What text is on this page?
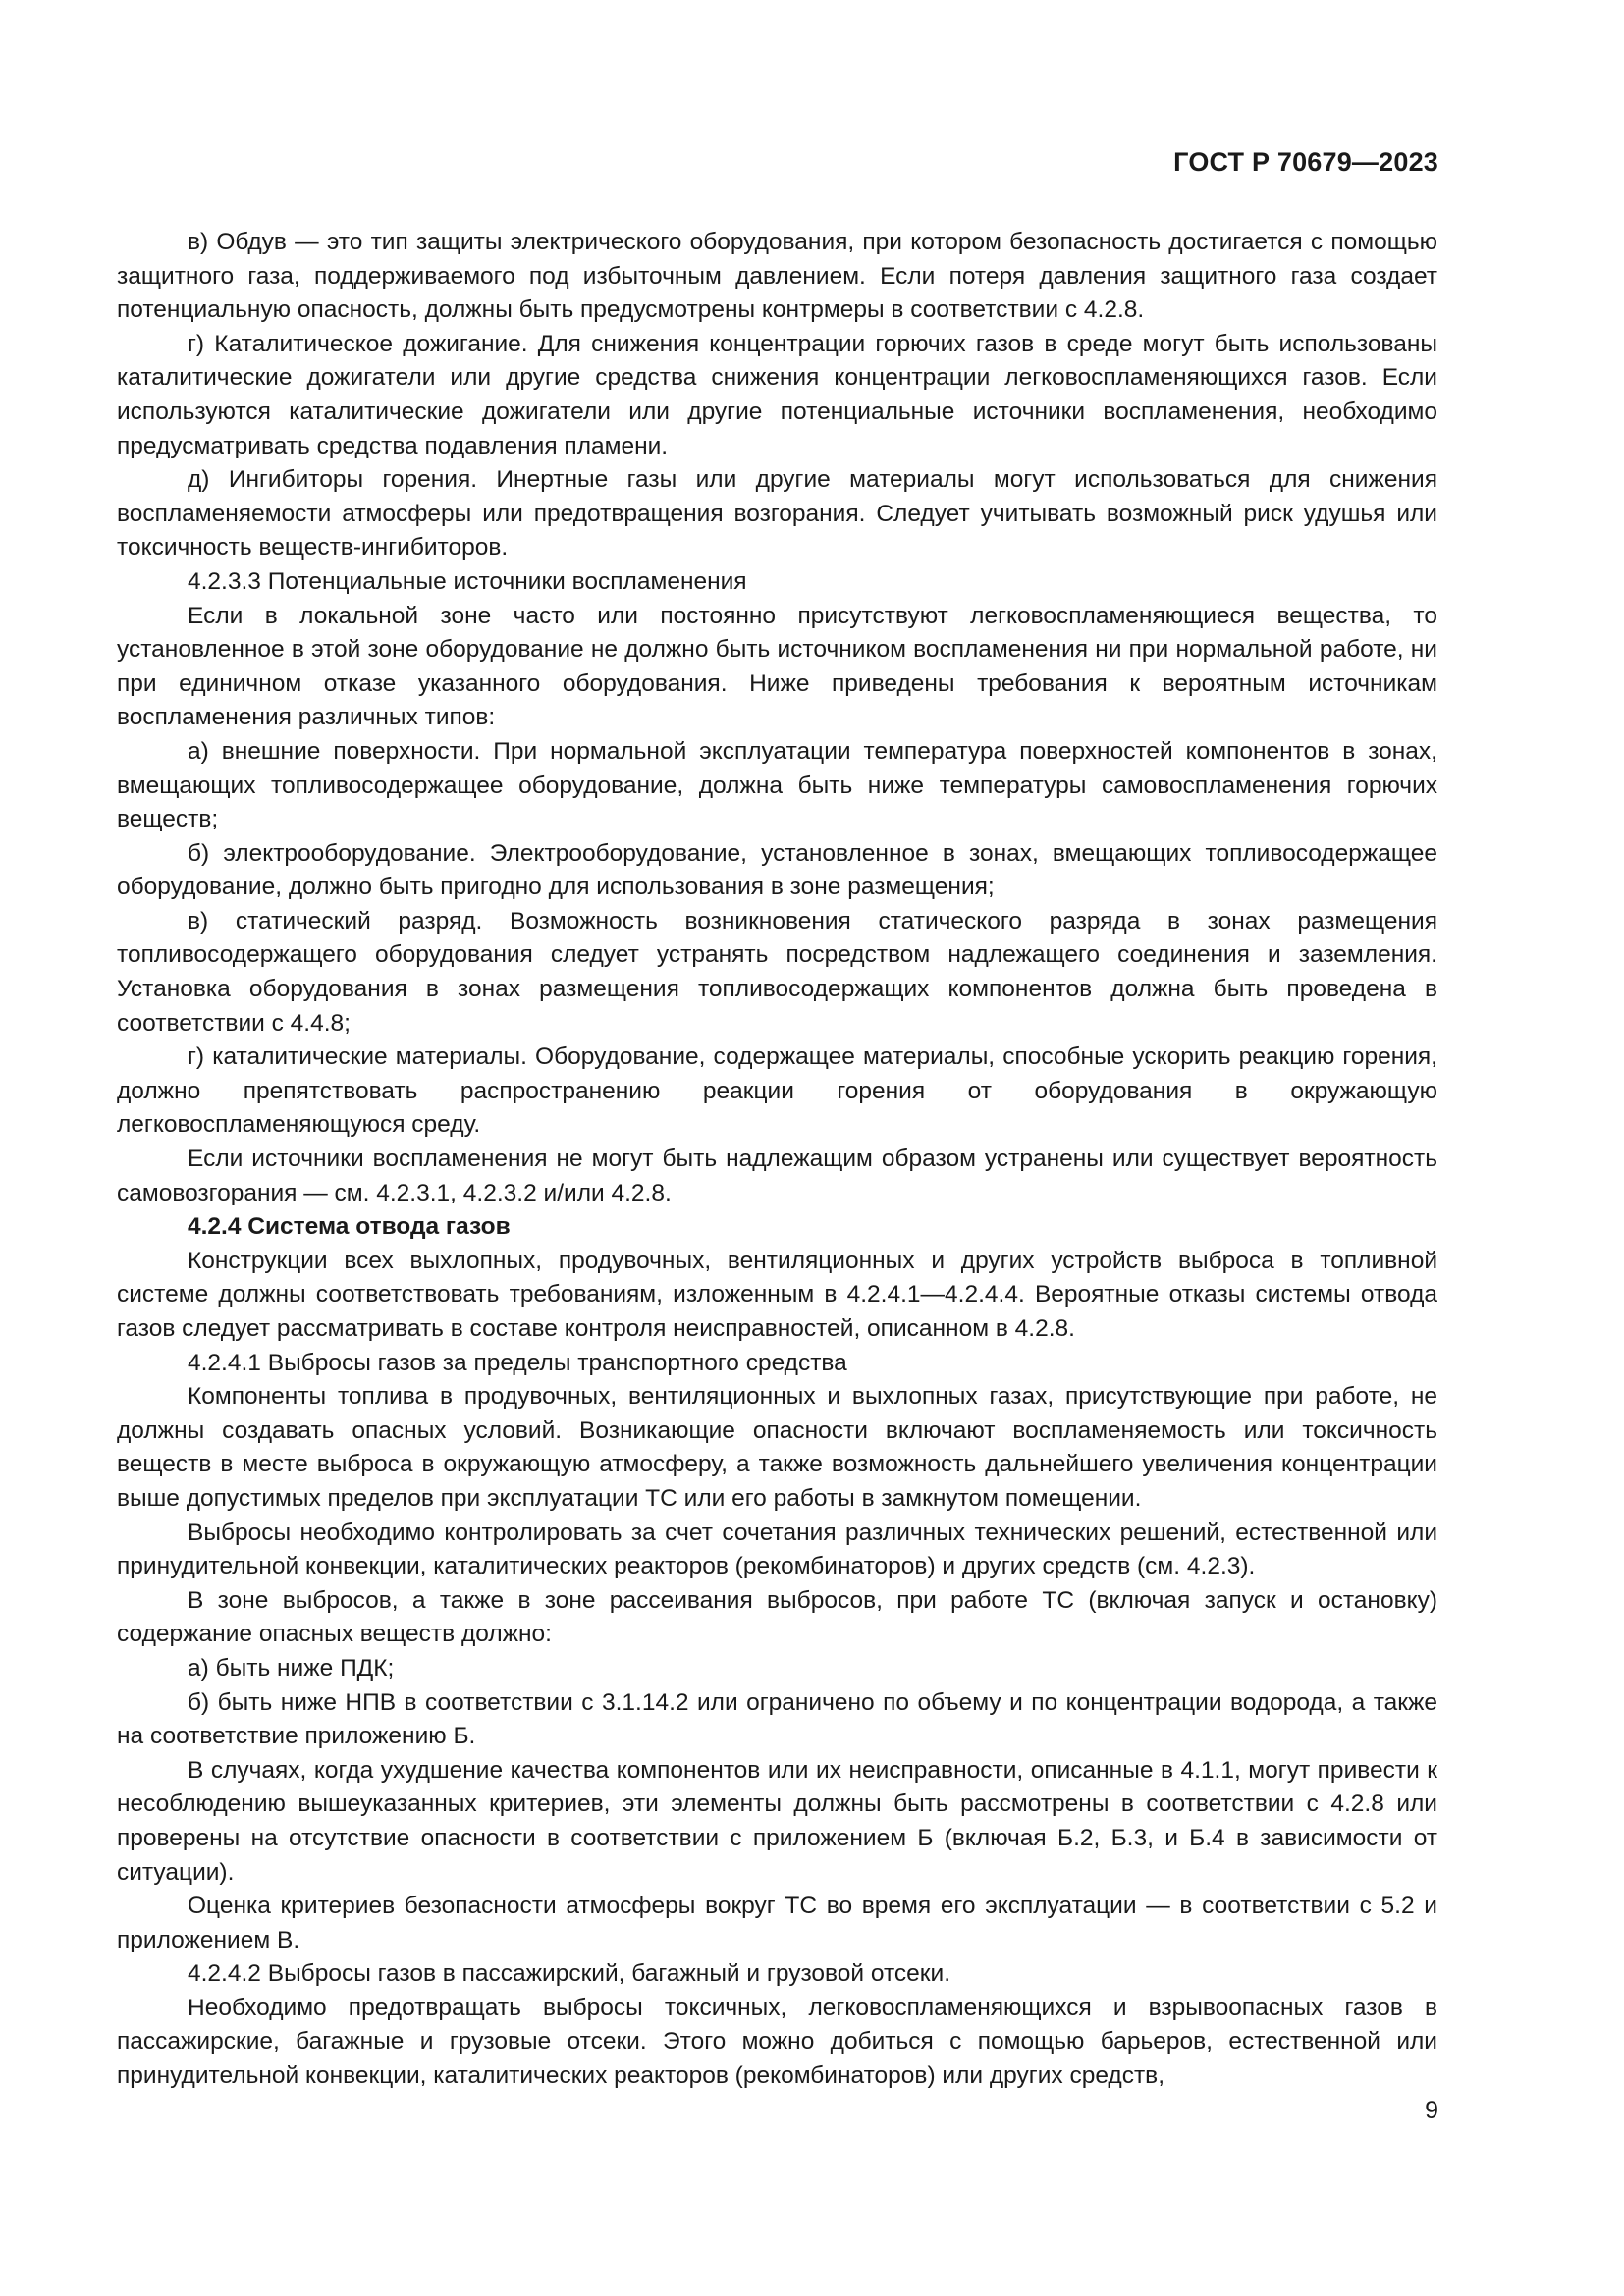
ГОСТ Р 70679—2023

в) Обдув — это тип защиты электрического оборудования, при котором безопасность достигается с помощью защитного газа, поддерживаемого под избыточным давлением. Если потеря давления защитного газа создает потенциальную опасность, должны быть предусмотрены контрмеры в соответствии с 4.2.8.

г) Каталитическое дожигание. Для снижения концентрации горючих газов в среде могут быть использованы каталитические дожигатели или другие средства снижения концентрации легковоспламеняющихся газов. Если используются каталитические дожигатели или другие потенциальные источники воспламенения, необходимо предусматривать средства подавления пламени.

д) Ингибиторы горения. Инертные газы или другие материалы могут использоваться для снижения воспламеняемости атмосферы или предотвращения возгорания. Следует учитывать возможный риск удушья или токсичность веществ-ингибиторов.

4.2.3.3 Потенциальные источники воспламенения

Если в локальной зоне часто или постоянно присутствуют легковоспламеняющиеся вещества, то установленное в этой зоне оборудование не должно быть источником воспламенения ни при нормальной работе, ни при единичном отказе указанного оборудования. Ниже приведены требования к вероятным источникам воспламенения различных типов:

а) внешние поверхности. При нормальной эксплуатации температура поверхностей компонентов в зонах, вмещающих топливосодержащее оборудование, должна быть ниже температуры самовоспламенения горючих веществ;

б) электрооборудование. Электрооборудование, установленное в зонах, вмещающих топливосодержащее оборудование, должно быть пригодно для использования в зоне размещения;

в) статический разряд. Возможность возникновения статического разряда в зонах размещения топливосодержащего оборудования следует устранять посредством надлежащего соединения и заземления. Установка оборудования в зонах размещения топливосодержащих компонентов должна быть проведена в соответствии с 4.4.8;

г) каталитические материалы. Оборудование, содержащее материалы, способные ускорить реакцию горения, должно препятствовать распространению реакции горения от оборудования в окружающую легковоспламеняющуюся среду.

Если источники воспламенения не могут быть надлежащим образом устранены или существует вероятность самовозгорания — см. 4.2.3.1, 4.2.3.2 и/или 4.2.8.

4.2.4 Система отвода газов

Конструкции всех выхлопных, продувочных, вентиляционных и других устройств выброса в топливной системе должны соответствовать требованиям, изложенным в 4.2.4.1—4.2.4.4. Вероятные отказы системы отвода газов следует рассматривать в составе контроля неисправностей, описанном в 4.2.8.

4.2.4.1 Выбросы газов за пределы транспортного средства

Компоненты топлива в продувочных, вентиляционных и выхлопных газах, присутствующие при работе, не должны создавать опасных условий. Возникающие опасности включают воспламеняемость или токсичность веществ в месте выброса в окружающую атмосферу, а также возможность дальнейшего увеличения концентрации выше допустимых пределов при эксплуатации ТС или его работы в замкнутом помещении.

Выбросы необходимо контролировать за счет сочетания различных технических решений, естественной или принудительной конвекции, каталитических реакторов (рекомбинаторов) и других средств (см. 4.2.3).

В зоне выбросов, а также в зоне рассеивания выбросов, при работе ТС (включая запуск и остановку) содержание опасных веществ должно:

а) быть ниже ПДК;

б) быть ниже НПВ в соответствии с 3.1.14.2 или ограничено по объему и по концентрации водорода, а также на соответствие приложению Б.

В случаях, когда ухудшение качества компонентов или их неисправности, описанные в 4.1.1, могут привести к несоблюдению вышеуказанных критериев, эти элементы должны быть рассмотрены в соответствии с 4.2.8 или проверены на отсутствие опасности в соответствии с приложением Б (включая Б.2, Б.3, и Б.4 в зависимости от ситуации).

Оценка критериев безопасности атмосферы вокруг ТС во время его эксплуатации — в соответствии с 5.2 и приложением В.

4.2.4.2 Выбросы газов в пассажирский, багажный и грузовой отсеки.

Необходимо предотвращать выбросы токсичных, легковоспламеняющихся и взрывоопасных газов в пассажирские, багажные и грузовые отсеки. Этого можно добиться с помощью барьеров, естественной или принудительной конвекции, каталитических реакторов (рекомбинаторов) или других средств,

9
